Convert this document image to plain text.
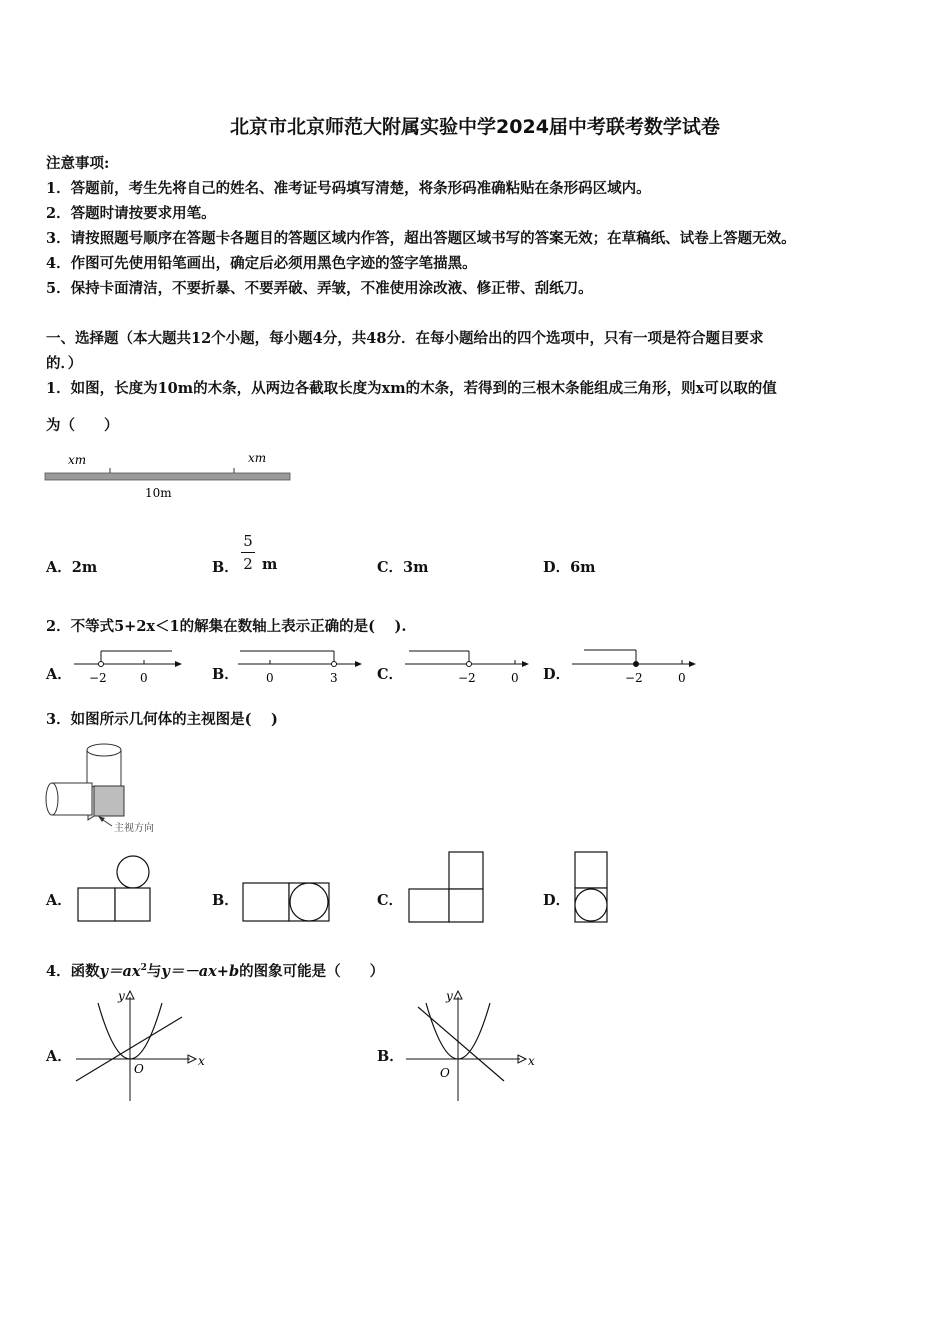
北京市北京师范大附属实验中学2024届中考联考数学试卷
注意事项:
1．答题前，考生先将自己的姓名、准考证号码填写清楚，将条形码准确粘贴在条形码区域内。
2．答题时请按要求用笔。
3．请按照题号顺序在答题卡各题目的答题区域内作答，超出答题区域书写的答案无效；在草稿纸、试卷上答题无效。
4．作图可先使用铅笔画出，确定后必须用黑色字迹的签字笔描黑。
5．保持卡面清洁，不要折暴、不要弄破、弄皱，不准使用涂改液、修正带、刮纸刀。
一、选择题（本大题共12个小题，每小题4分，共48分．在每小题给出的四个选项中，只有一项是符合题目要求
的．）
1．如图，长度为10m的木条，从两边各截取长度为xm的木条，若得到的三根木条能组成三角形，则x可以取的值
为（　　）
xm	xm
10m
A．2m	B．
5
2 m	C．3m	D．6m
2．不等式5+2x＜1的解集在数轴上表示正确的是(　 ).
A． −2	0	B． 0	3	C．	−2	0 D．	−2	0
3．如图所示几何体的主视图是(　 )
主视方向
A．	B．	C．	D．
4．函数$y=ax^2$与y＝－ax+b的图象可能是（　　）
A．	x
y
O
B．	x
y
O
